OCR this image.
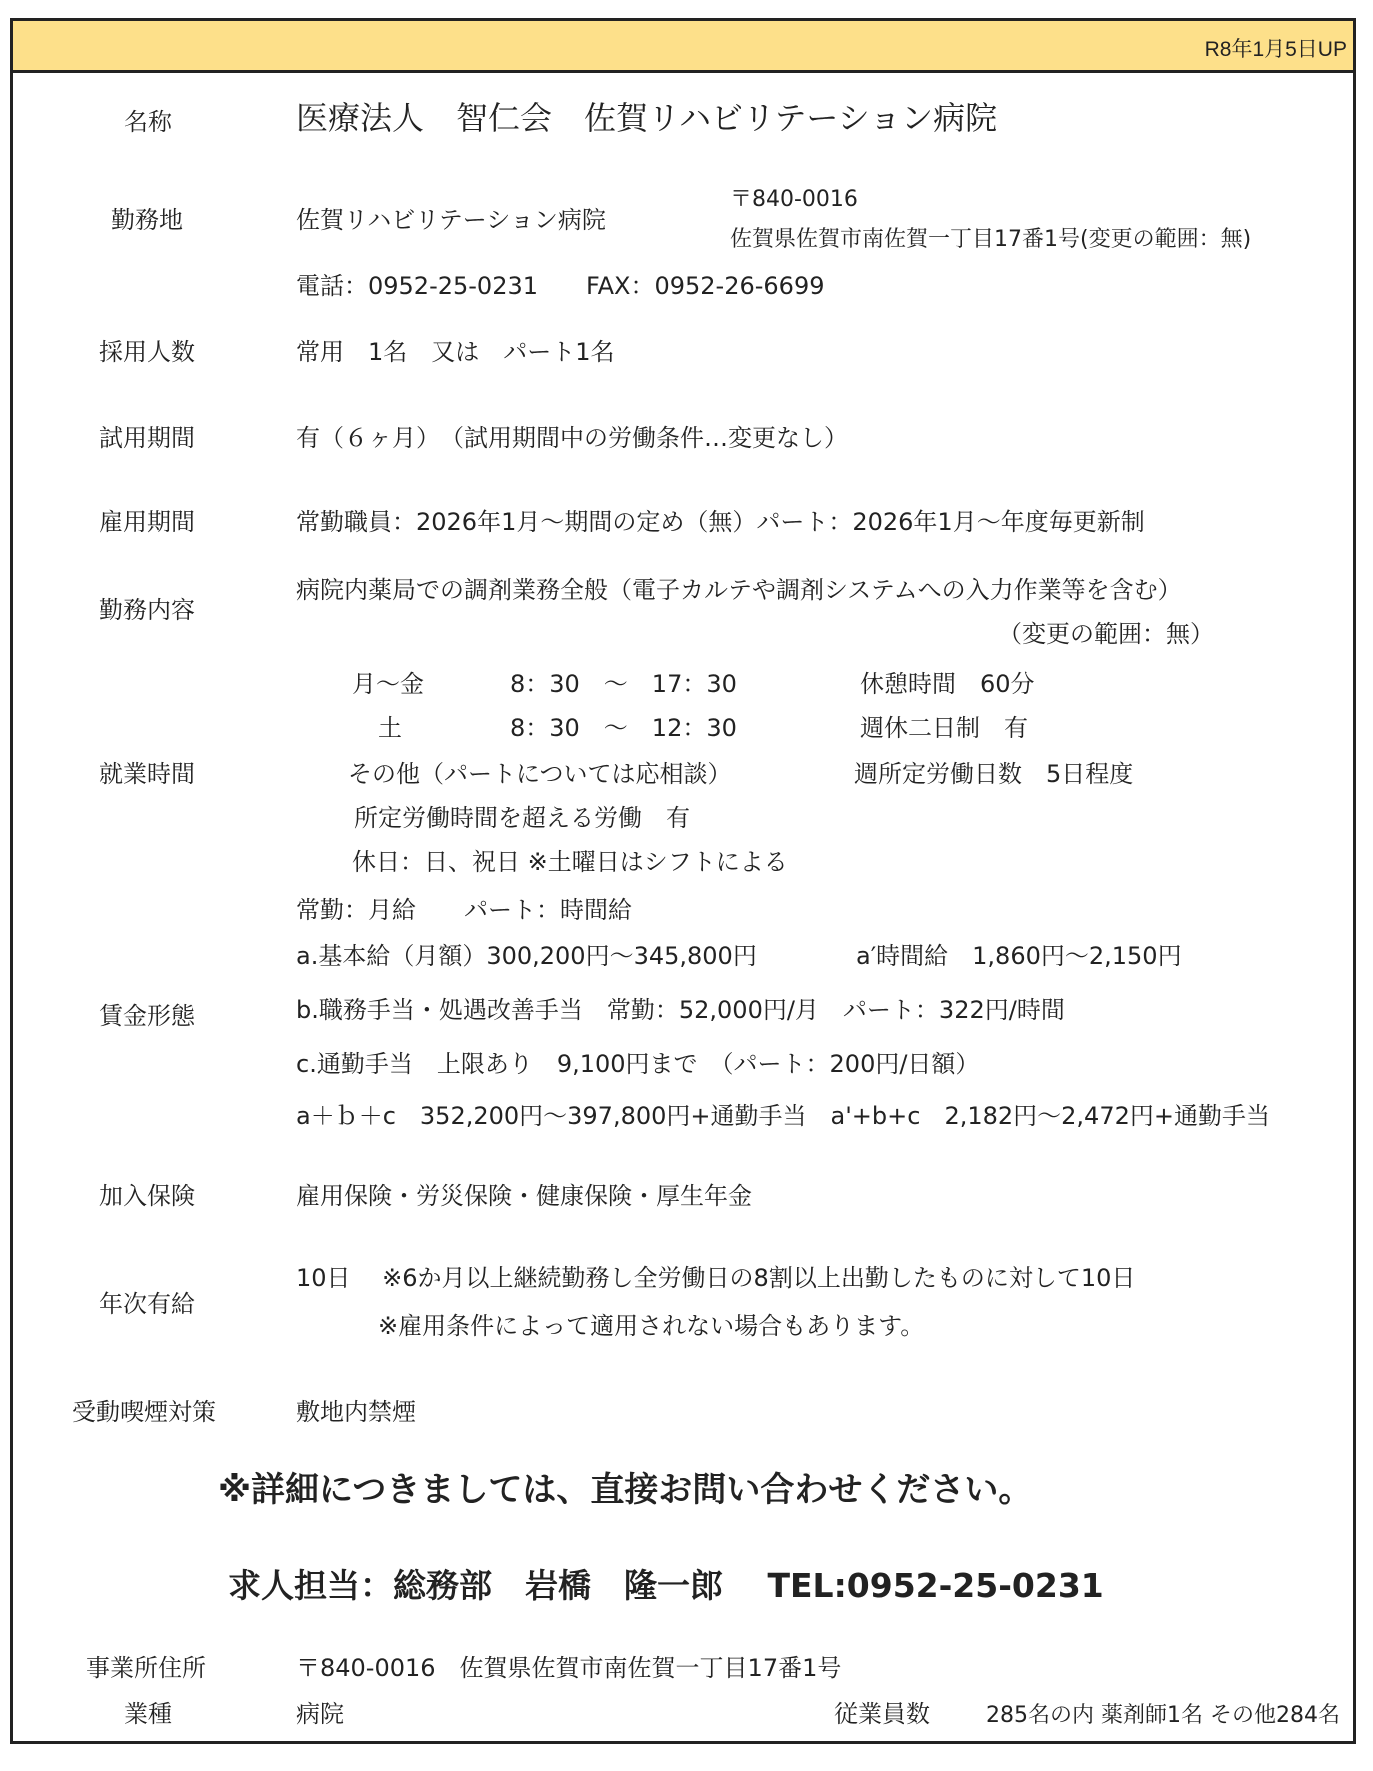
R8年1月5日UP
名称	医療法人　智仁会　佐賀リハビリテーション病院
勤務地	佐賀リハビリテーション病院
〒840-0016
佐賀県佐賀市南佐賀一丁目17番1号(変更の範囲：無)
電話：0952-25-0231　　FAX：0952-26-6699
採用人数	常用　1名　又は　パート1名
試用期間	有（６ヶ月）　（試用期間中の労働条件…変更なし）
雇用期間	常勤職員：2026年1月～期間の定め（無）パート：2026年1月～年度毎更新制
勤務内容
病院内薬局での調剤業務全般（電子カルテや調剤システムへの入力作業等を含む）
（変更の範囲：無）
就業時間
月～金	8：30　～　17：30	休憩時間　60分
土	8：30　～　12：30	週休二日制　有
その他（パートについては応相談）	週所定労働日数　5日程度
所定労働時間を超える労働　有
休日：日、祝日 ※土曜日はシフトによる
賃金形態
常勤：月給　　パート：時間給
a.基本給（月額）300,200円～345,800円	a′時間給　1,860円～2,150円
b.職務手当・処遇改善手当　常勤：52,000円/月　パート：322円/時間
c.通勤手当　上限あり　9,100円まで　（パート：200円/日額）
a＋ｂ＋c　352,200円～397,800円+通勤手当　a'+b+c　2,182円～2,472円+通勤手当
加入保険	雇用保険・労災保険・健康保険・厚生年金
年次有給
10日　 ※6か月以上継続勤務し全労働日の8割以上出勤したものに対して10日
※雇用条件によって適用されない場合もあります。
受動喫煙対策	敷地内禁煙
※詳細につきましては、直接お問い合わせください。
求人担当：総務部　岩橋　隆一郎　 TEL:0952-25-0231
事業所住所	〒840-0016　佐賀県佐賀市南佐賀一丁目17番1号
業種	病院	従業員数	285名の内 薬剤師1名 その他284名
